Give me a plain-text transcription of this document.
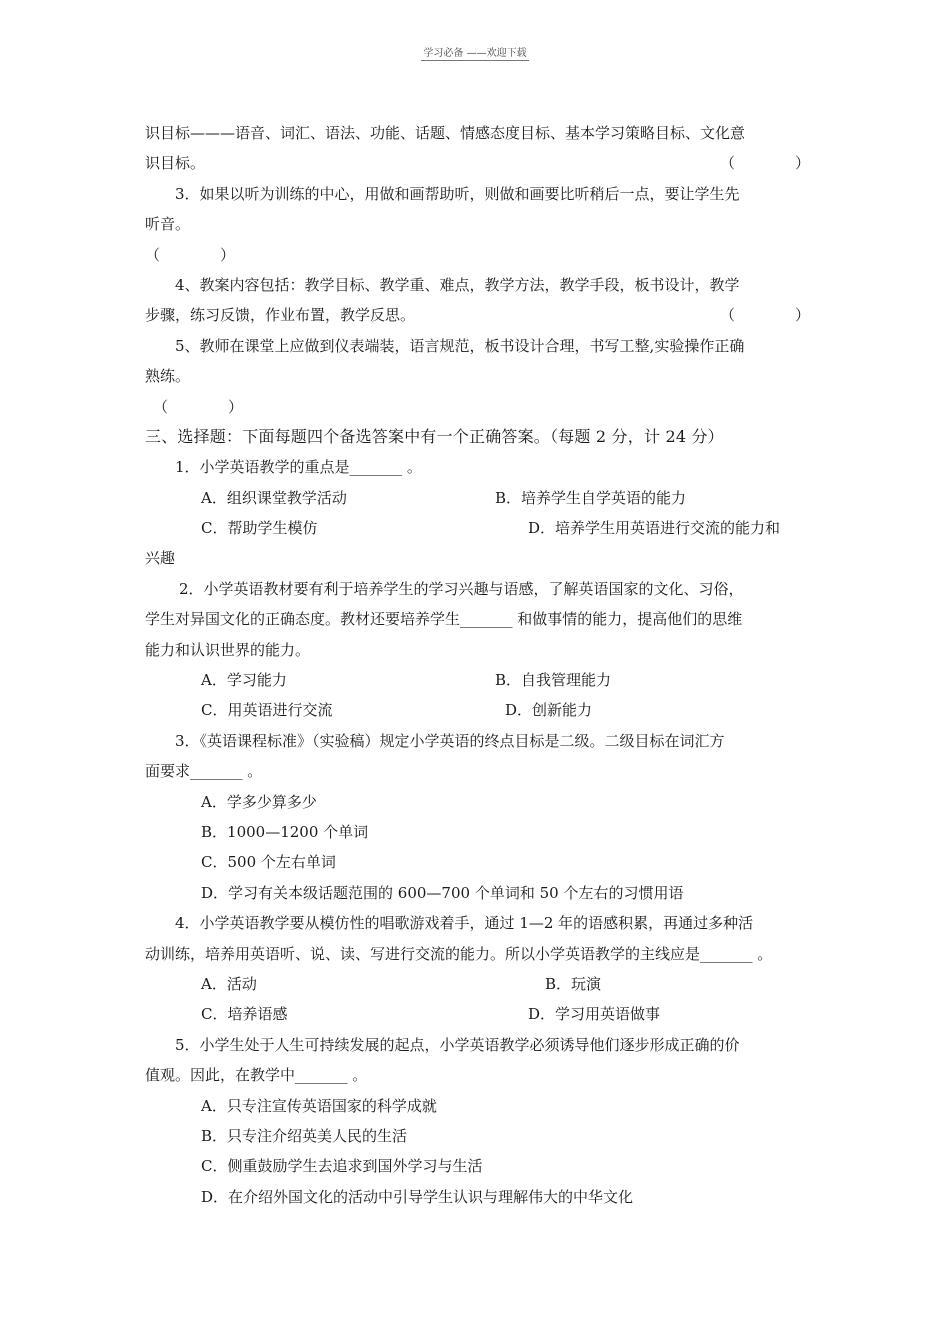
学习必备 ——欢迎下载
识目标———语音、词汇、语法、功能、话题、情感态度目标、基本学习策略目标、文化意
识目标。	（　　　　）
3．如果以听为训练的中心，用做和画帮助听，则做和画要比听稍后一点，要让学生先
听音。
（　　　　）
4、教案内容包括：教学目标、教学重、难点，教学方法，教学手段，板书设计，教学
步骤，练习反馈，作业布置，教学反思。	（　　　　）
5、教师在课堂上应做到仪表端装，语言规范，板书设计合理，书写工整,实验操作正确
熟练。
（　　　　）
三、选择题：下面每题四个备选答案中有一个正确答案。（每题 2 分，计 24 分）
1．小学英语教学的重点是_______ 。
A．组织课堂教学活动	B．培养学生自学英语的能力
C．帮助学生模仿	D．培养学生用英语进行交流的能力和
兴趣
2．小学英语教材要有利于培养学生的学习兴趣与语感，了解英语国家的文化、习俗，
学生对异国文化的正确态度。教材还要培养学生_______ 和做事情的能力，提高他们的思维
能力和认识世界的能力。
A．学习能力	B．自我管理能力
C．用英语进行交流	D．创新能力
3．《英语课程标准》（实验稿）规定小学英语的终点目标是二级。二级目标在词汇方
面要求_______ 。
A．学多少算多少
B．1000—1200 个单词
C．500 个左右单词
D．学习有关本级话题范围的 600—700 个单词和 50 个左右的习惯用语
4．小学英语教学要从模仿性的唱歌游戏着手，通过 1—2 年的语感积累，再通过多种活
动训练，培养用英语听、说、读、写进行交流的能力。所以小学英语教学的主线应是_______ 。
A．活动	B．玩演
C．培养语感	D．学习用英语做事
5．小学生处于人生可持续发展的起点，小学英语教学必须诱导他们逐步形成正确的价
值观。因此，在教学中_______ 。
A．只专注宣传英语国家的科学成就
B．只专注介绍英美人民的生活
C．侧重鼓励学生去追求到国外学习与生活
D．在介绍外国文化的活动中引导学生认识与理解伟大的中华文化
